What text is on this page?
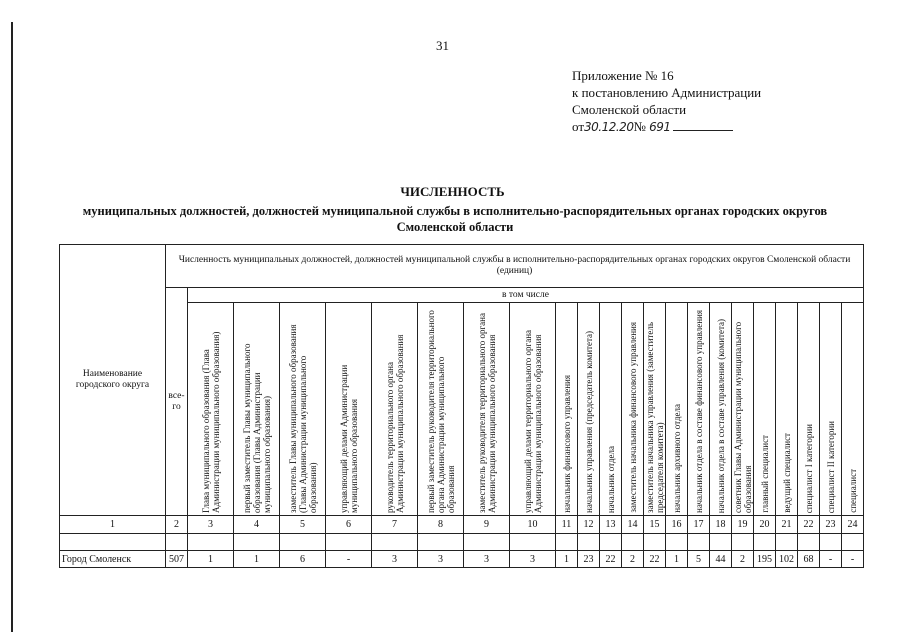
31
Приложение № 16
к постановлению Администрации
Смоленской области
от30.12.20№ 691
ЧИСЛЕННОСТЬ
муниципальных должностей, должностей муниципальной службы в исполнительно-распорядительных органах городских округов Смоленской области
Наименование городского округа	Численность муниципальных должностей, должностей муниципальной службы в исполнительно-распорядительных органах городских округов Смоленской области (единиц)																						
	все-го	в том числе																					

		Глава муниципального образования (Глава Администрации муниципального образования)	первый заместитель Главы муниципального образования (Главы Администрации муниципального образования)	заместитель Главы муниципального образования (Главы Администрации муниципального образования)	управляющий делами Администрации муниципального образования	руководитель территориального органа Администрации муниципального образования	первый заместитель руководителя территориального органа Администрации муниципального образования	заместитель руководителя территориального органа Администрации муниципального образования	управляющий делами территориального органа Администрации муниципального образования	начальник финансового управления	начальник управления (председатель комитета)	начальник отдела	заместитель начальника финансового управления	заместитель начальника управления (заместитель председателя комитета)	начальник архивного отдела	начальник отдела в составе финансового управления	начальник отдела в составе управления (комитета)	советник Главы Администрации муниципального образования	главный специалист	ведущий специалист	специалист I категории	специалист II категории	специалист

1	2	3	4	5	6	7	8	9	10	11	12	13	14	15	16	17	18	19	20	21	22	23	24

Город Смоленск	507	1	1	6	-	3	3	3	3	1	23	22	2	22	1	5	44	2	195	102	68	-	-
